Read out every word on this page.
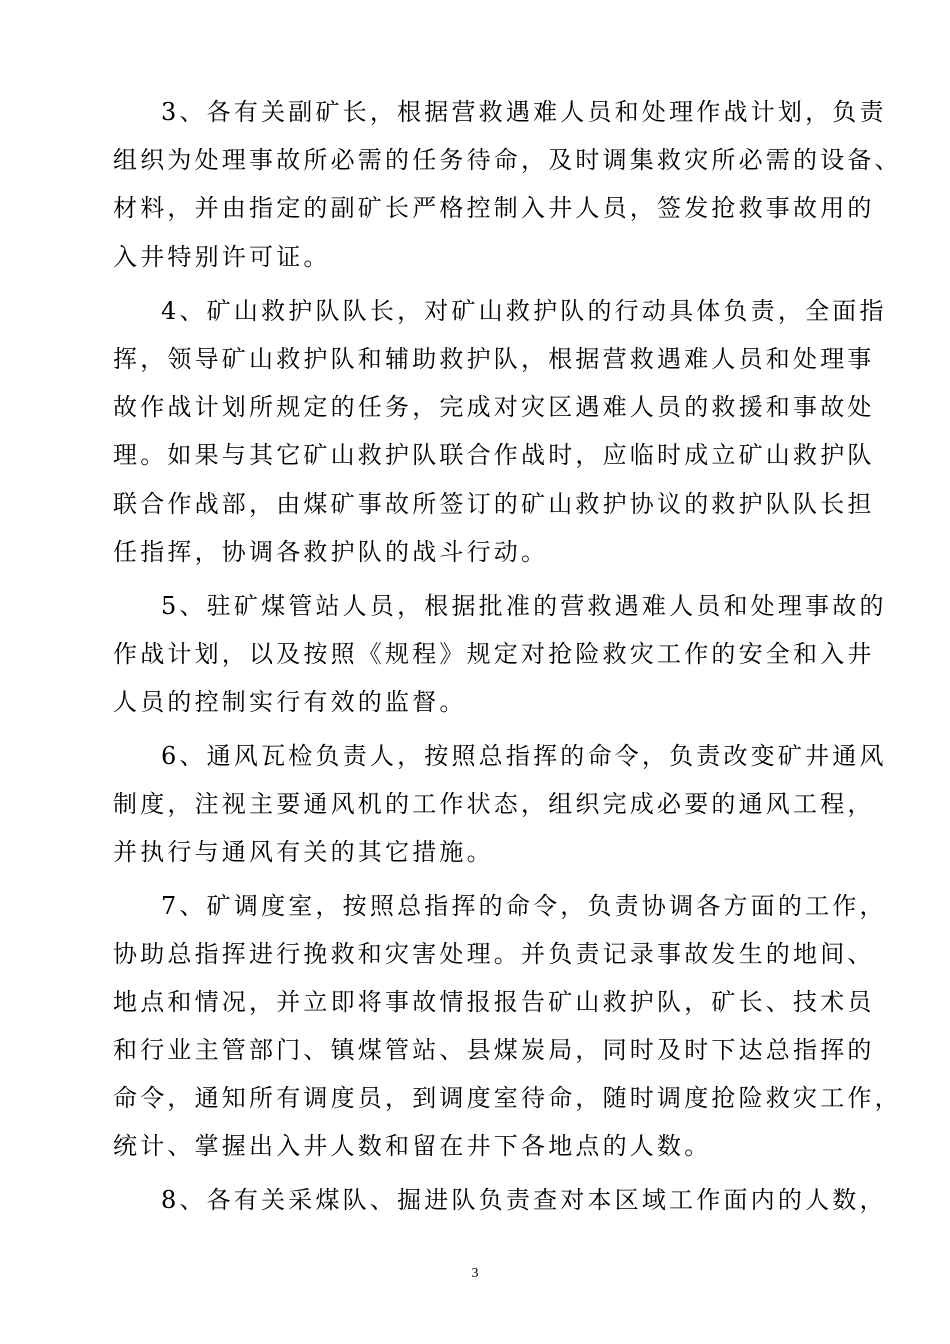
3、各有关副矿长，根据营救遇难人员和处理作战计划，负责
组织为处理事故所必需的任务待命，及时调集救灾所必需的设备、
材料，并由指定的副矿长严格控制入井人员，签发抢救事故用的
入井特别许可证。
4、矿山救护队队长，对矿山救护队的行动具体负责，全面指
挥，领导矿山救护队和辅助救护队，根据营救遇难人员和处理事
故作战计划所规定的任务，完成对灾区遇难人员的救援和事故处
理。如果与其它矿山救护队联合作战时，应临时成立矿山救护队
联合作战部，由煤矿事故所签订的矿山救护协议的救护队队长担
任指挥，协调各救护队的战斗行动。
5、驻矿煤管站人员，根据批准的营救遇难人员和处理事故的
作战计划，以及按照《规程》规定对抢险救灾工作的安全和入井
人员的控制实行有效的监督。
6、通风瓦检负责人，按照总指挥的命令，负责改变矿井通风
制度，注视主要通风机的工作状态，组织完成必要的通风工程，
并执行与通风有关的其它措施。
7、矿调度室，按照总指挥的命令，负责协调各方面的工作，
协助总指挥进行挽救和灾害处理。并负责记录事故发生的地间、
地点和情况，并立即将事故情报报告矿山救护队，矿长、技术员
和行业主管部门、镇煤管站、县煤炭局，同时及时下达总指挥的
命令，通知所有调度员，到调度室待命，随时调度抢险救灾工作，
统计、掌握出入井人数和留在井下各地点的人数。
8、各有关采煤队、掘进队负责查对本区域工作面内的人数，
3
